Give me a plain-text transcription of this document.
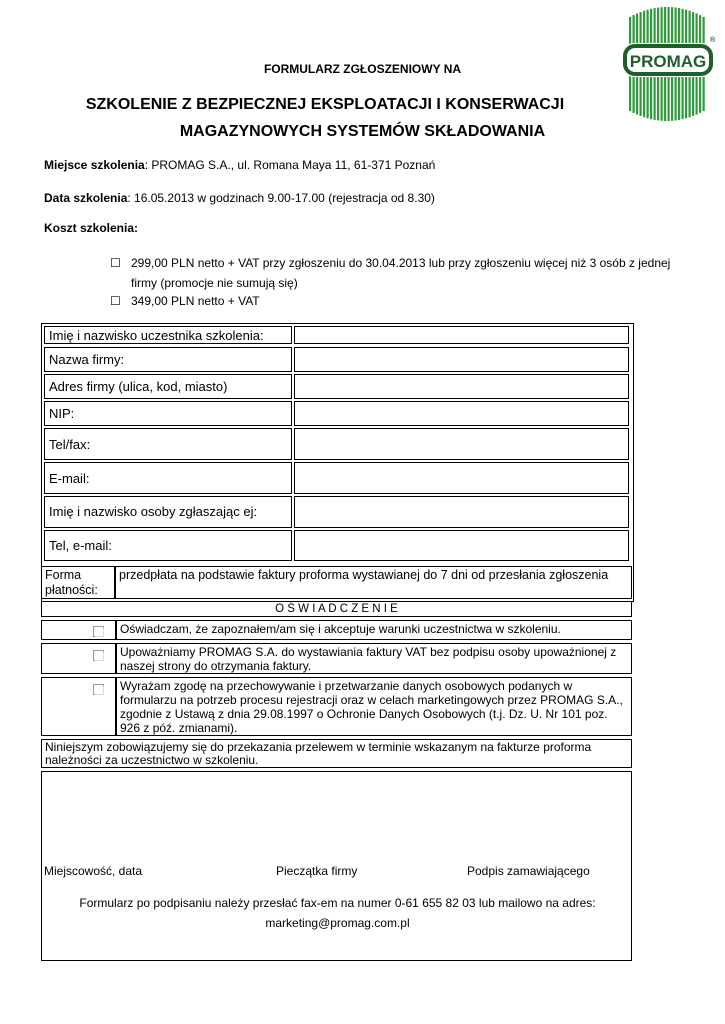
PROMAG
®
FORMULARZ ZGŁOSZENIOWY NA
SZKOLENIE Z BEZPIECZNEJ EKSPLOATACJI I KONSERWACJI
MAGAZYNOWYCH SYSTEMÓW SKŁADOWANIA
Miejsce szkolenia: PROMAG S.A., ul. Romana Maya 11, 61-371 Poznań
Data szkolenia: 16.05.2013 w godzinach 9.00-17.00 (rejestracja od 8.30)
Koszt szkolenia:
☐ 299,00 PLN netto + VAT przy zgłoszeniu do 30.04.2013 lub przy zgłoszeniu więcej niż 3 osób z jednej
firmy (promocje nie sumują się)
☐ 349,00 PLN netto + VAT
Imię i nazwisko uczestnika szkolenia:
Nazwa firmy:
Adres firmy (ulica, kod, miasto)
NIP:
Tel/fax:
E-mail:
Imię i nazwisko osoby zgłaszając ej:
Tel, e-mail:
Forma płatności:
przedpłata na podstawie faktury proforma wystawianej do 7 dni od przesłania zgłoszenia
O Ś W I A D C Z E N I E
Oświadczam, że zapoznałem/am się i akceptuje warunki uczestnictwa w szkoleniu.
Upoważniamy PROMAG S.A. do wystawiania faktury VAT bez podpisu osoby upoważnionej z naszej strony do otrzymania faktury.
Wyrażam zgodę na przechowywanie i przetwarzanie danych osobowych podanych w formularzu na potrzeb procesu rejestracji oraz w celach marketingowych przez PROMAG S.A., zgodnie z Ustawą z dnia 29.08.1997 o Ochronie Danych Osobowych (t.j. Dz. U. Nr 101 poz. 926 z póź. zmianami).
Niniejszym zobowiązujemy się do przekazania przelewem w terminie wskazanym na fakturze proforma należności za uczestnictwo w szkoleniu.
Miejscowość, data	Pieczątka firmy	Podpis zamawiającego
Formularz po podpisaniu należy przesłać fax-em na numer 0-61 655 82 03 lub mailowo na adres:
marketing@promag.com.pl
